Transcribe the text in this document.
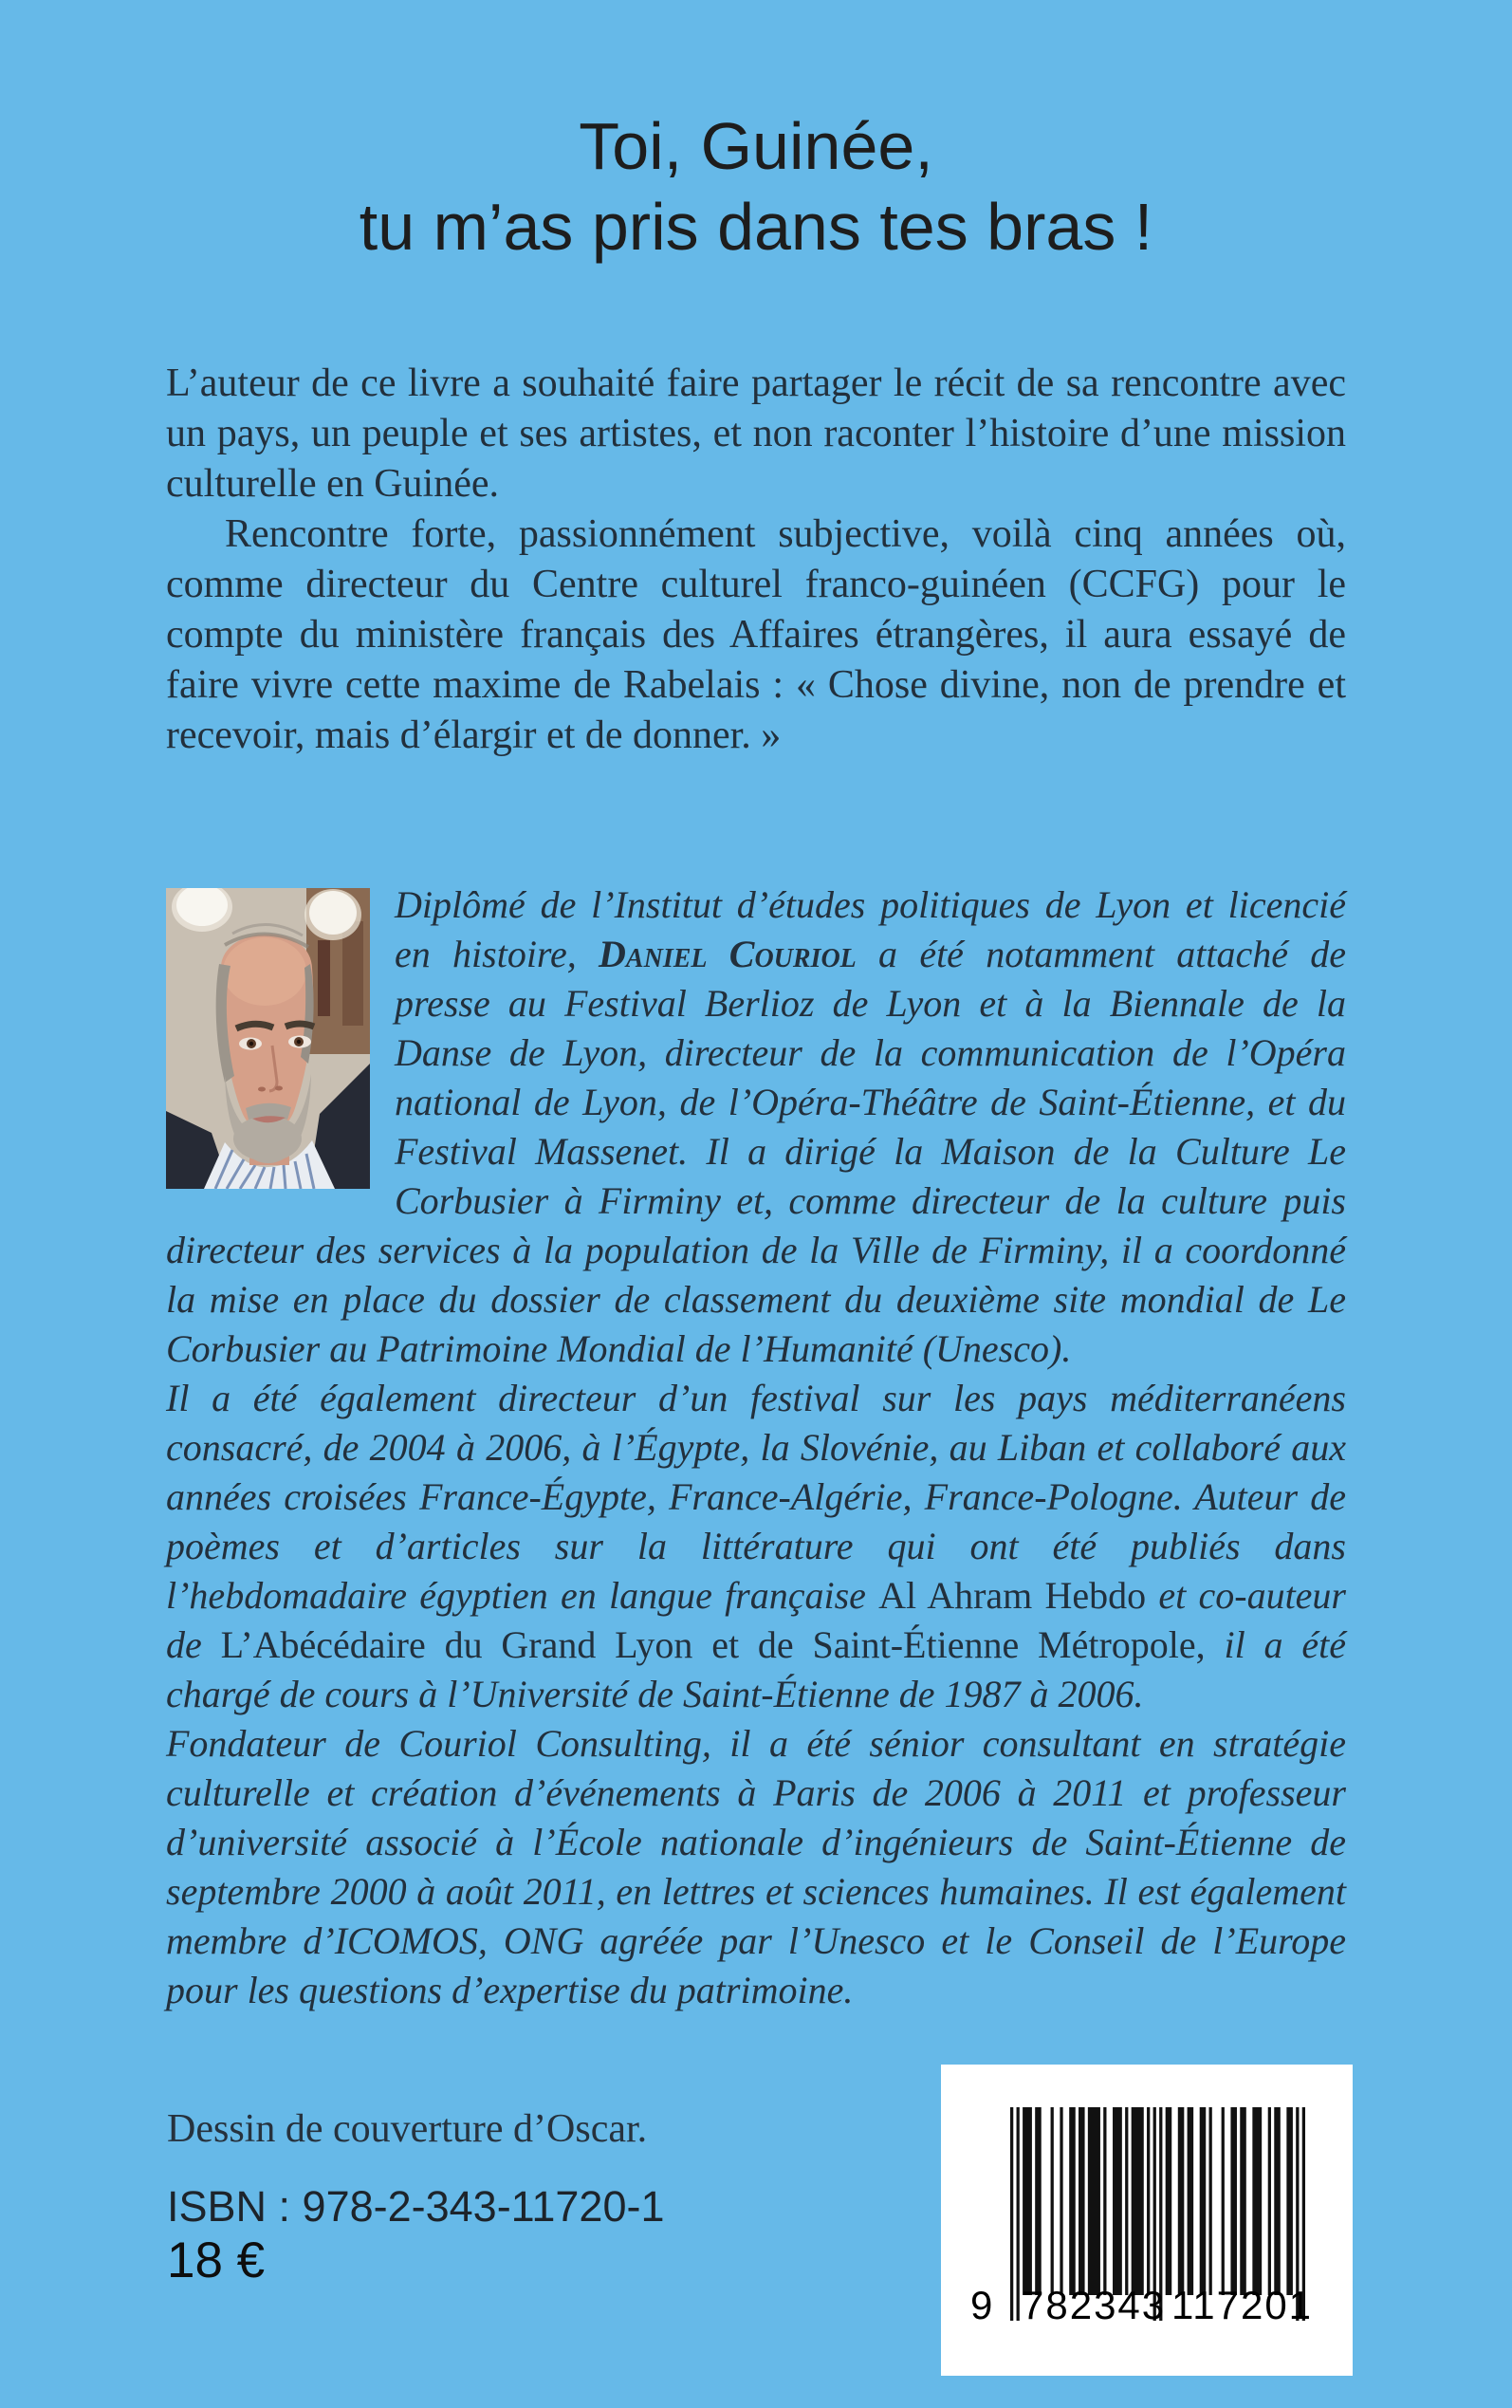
Toi, Guinée,
tu m’as pris dans tes bras !

L’auteur de ce livre a souhaité faire partager le récit de sa rencontre avec un pays, un peuple et ses artistes, et non raconter l’histoire d’une mission culturelle en Guinée.

Rencontre forte, passionnément subjective, voilà cinq années où, comme directeur du Centre culturel franco-guinéen (CCFG) pour le compte du ministère français des Affaires étrangères, il aura essayé de faire vivre cette maxime de Rabelais : « Chose divine, non de prendre et recevoir, mais d’élargir et de donner. »

Diplômé de l’Institut d’études politiques de Lyon et licencié en histoire, Daniel Couriol a été notamment attaché de presse au Festival Berlioz de Lyon et à la Biennale de la Danse de Lyon, directeur de la communication de l’Opéra national de Lyon, de l’Opéra-Théâtre de Saint-Étienne, et du Festival Massenet. Il a dirigé la Maison de la Culture Le Corbusier à Firminy et, comme directeur de la culture puis directeur des services à la population de la Ville de Firminy, il a coordonné la mise en place du dossier de classement du deuxième site mondial de Le Corbusier au Patrimoine Mondial de l’Humanité (Unesco).

Il a été également directeur d’un festival sur les pays méditerranéens consacré, de 2004 à 2006, à l’Égypte, la Slovénie, au Liban et collaboré aux années croisées France-Égypte, France-Algérie, France-Pologne. Auteur de poèmes et d’articles sur la littérature qui ont été publiés dans l’hebdomadaire égyptien en langue française Al Ahram Hebdo et co-auteur de L’Abécédaire du Grand Lyon et de Saint-Étienne Métropole, il a été chargé de cours à l’Université de Saint-Étienne de 1987 à 2006.

Fondateur de Couriol Consulting, il a été sénior consultant en stratégie culturelle et création d’événements à Paris de 2006 à 2011 et professeur d’université associé à l’École nationale d’ingénieurs de Saint-Étienne de septembre 2000 à août 2011, en lettres et sciences humaines. Il est également membre d’ICOMOS, ONG agréée par l’Unesco et le Conseil de l’Europe pour les questions d’expertise du patrimoine.

Dessin de couverture d’Oscar.
ISBN : 978-2-343-11720-1
18 €
9 782343 117201
